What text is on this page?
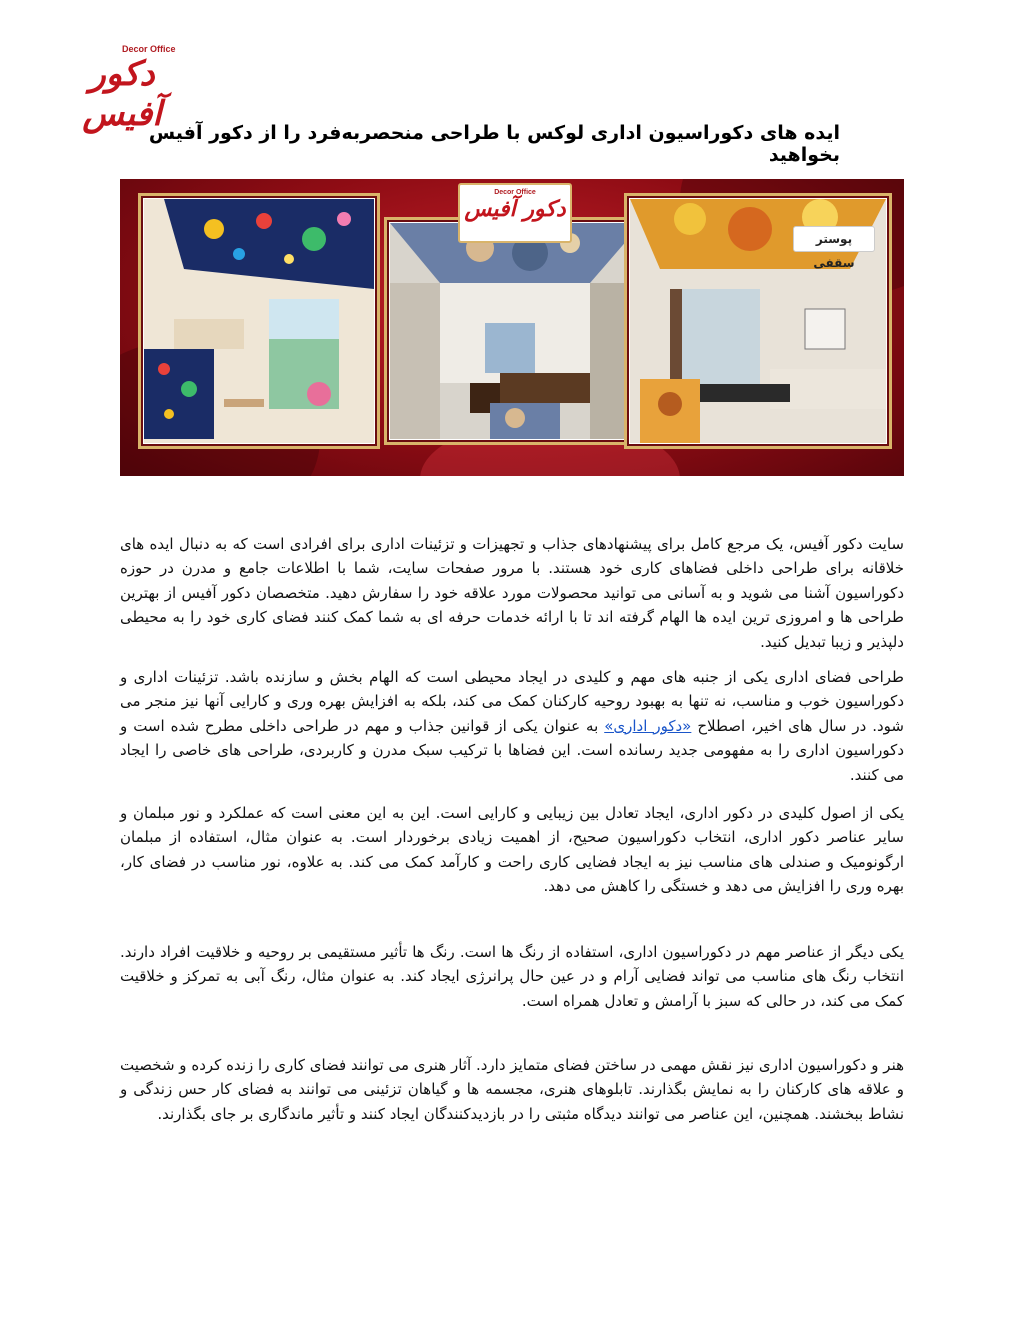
Decor Office
دکور آفیس
ایده های دکوراسیون اداری لوکس با طراحی منحصربه‌فرد را از دکور آفیس بخواهید
پوستر سقفی
Decor Office
دکور آفیس

سایت دکور آفیس، یک مرجع کامل برای پیشنهادهای جذاب و تجهیزات و تزئینات اداری برای افرادی است که به دنبال ایده های خلاقانه برای طراحی داخلی فضاهای کاری خود هستند. با مرور صفحات سایت، شما با اطلاعات جامع و مدرن در حوزه دکوراسیون آشنا می شوید و به آسانی می توانید محصولات مورد علاقه خود را سفارش دهید. متخصصان دکور آفیس از بهترین طراحی ها و امروزی ترین ایده ها الهام گرفته اند تا با ارائه خدمات حرفه ای به شما کمک کنند فضای کاری خود را به محیطی دلپذیر و زیبا تبدیل کنید.

طراحی فضای اداری یکی از جنبه های مهم و کلیدی در ایجاد محیطی است که الهام بخش و سازنده باشد. تزئینات اداری و دکوراسیون خوب و مناسب، نه تنها به بهبود روحیه کارکنان کمک می کند، بلکه به افزایش بهره وری و کارایی آنها نیز منجر می شود. در سال های اخیر، اصطلاح «دکور اداری» به عنوان یکی از قوانین جذاب و مهم در طراحی داخلی مطرح شده است و دکوراسیون اداری را به مفهومی جدید رسانده است. این فضاها با ترکیب سبک مدرن و کاربردی، طراحی های خاصی را ایجاد می کنند.

یکی از اصول کلیدی در دکور اداری، ایجاد تعادل بین زیبایی و کارایی است. این به این معنی است که عملکرد و نور مبلمان و سایر عناصر دکور اداری، انتخاب دکوراسیون صحیح، از اهمیت زیادی برخوردار است. به عنوان مثال، استفاده از مبلمان ارگونومیک و صندلی های مناسب نیز به ایجاد فضایی کاری راحت و کارآمد کمک می کند. به علاوه، نور مناسب در فضای کار، بهره وری را افزایش می دهد و خستگی را کاهش می دهد.

یکی دیگر از عناصر مهم در دکوراسیون اداری، استفاده از رنگ ها است. رنگ ها تأثیر مستقیمی بر روحیه و خلاقیت افراد دارند. انتخاب رنگ های مناسب می تواند فضایی آرام و در عین حال پرانرژی ایجاد کند. به عنوان مثال، رنگ آبی به تمرکز و خلاقیت کمک می کند، در حالی که سبز با آرامش و تعادل همراه است.

هنر و دکوراسیون اداری نیز نقش مهمی در ساختن فضای متمایز دارد. آثار هنری می توانند فضای کاری را زنده کرده و شخصیت و علاقه های کارکنان را به نمایش بگذارند. تابلوهای هنری، مجسمه ها و گیاهان تزئینی می توانند به فضای کار حس زندگی و نشاط ببخشند. همچنین، این عناصر می توانند دیدگاه مثبتی را در بازدیدکنندگان ایجاد کنند و تأثیر ماندگاری بر جای بگذارند.
